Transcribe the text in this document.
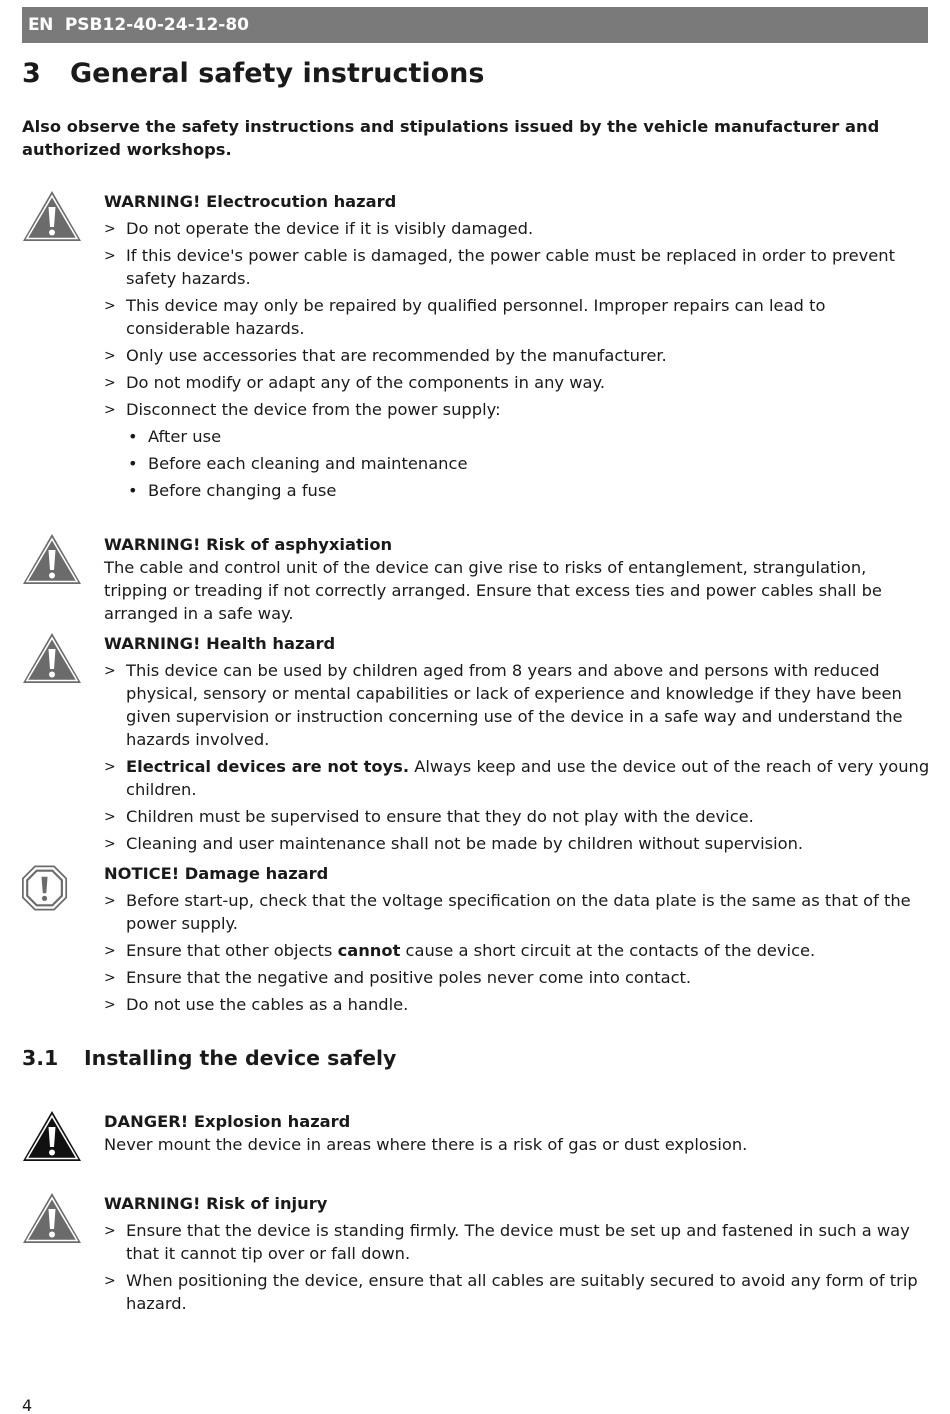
EN PSB12-40-24-12-80
3 General safety instructions

Also observe the safety instructions and stipulations issued by the vehicle manufacturer and authorized workshops.

WARNING! Electrocution hazard
> Do not operate the device if it is visibly damaged.
> If this device's power cable is damaged, the power cable must be replaced in order to prevent safety hazards.
> This device may only be repaired by qualified personnel. Improper repairs can lead to considerable hazards.
> Only use accessories that are recommended by the manufacturer.
> Do not modify or adapt any of the components in any way.
> Disconnect the device from the power supply:
• After use
• Before each cleaning and maintenance
• Before changing a fuse
WARNING! Risk of asphyxiation

The cable and control unit of the device can give rise to risks of entanglement, strangulation, tripping or treading if not correctly arranged. Ensure that excess ties and power cables shall be arranged in a safe way.

WARNING! Health hazard
> This device can be used by children aged from 8 years and above and persons with reduced physical, sensory or mental capabilities or lack of experience and knowledge if they have been given supervision or instruction concerning use of the device in a safe way and understand the hazards involved.
> Electrical devices are not toys. Always keep and use the device out of the reach of very young children.
> Children must be supervised to ensure that they do not play with the device.
> Cleaning and user maintenance shall not be made by children without supervision.
NOTICE! Damage hazard
> Before start-up, check that the voltage specification on the data plate is the same as that of the power supply.
> Ensure that other objects cannot cause a short circuit at the contacts of the device.
> Ensure that the negative and positive poles never come into contact.
> Do not use the cables as a handle.
3.1 Installing the device safely
DANGER! Explosion hazard

Never mount the device in areas where there is a risk of gas or dust explosion.

WARNING! Risk of injury
> Ensure that the device is standing firmly. The device must be set up and fastened in such a way that it cannot tip over or fall down.
> When positioning the device, ensure that all cables are suitably secured to avoid any form of trip hazard.
4
